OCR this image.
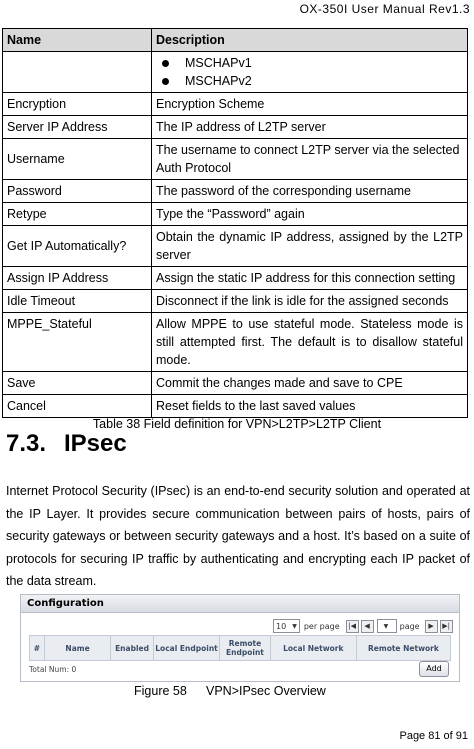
OX-350I User Manual Rev1.3
Name	Description

	MSCHAPv1
MSCHAPv2

Encryption	Encryption Scheme
Server IP Address	The IP address of L2TP server
Username	The username to connect L2TP server via the selected Auth Protocol
Password	The password of the corresponding username
Retype	Type the “Password” again
Get IP Automatically?	Obtain the dynamic IP address, assigned by the L2TP server
Assign IP Address	Assign the static IP address for this connection setting
Idle Timeout	Disconnect if the link is idle for the assigned seconds
MPPE_Stateful	Allow MPPE to use stateful mode. Stateless mode is still attempted first. The default is to disallow stateful mode.
Save	Commit the changes made and save to CPE
Cancel	Reset fields to the last saved values
Table 38 Field definition for VPN>L2TP>L2TP Client
7.3. IPsec
Internet Protocol Security (IPsec) is an end-to-end security solution and operated at the IP Layer. It provides secure communication between pairs of hosts, pairs of security gateways or between security gateways and a host. It’s based on a suite of protocols for securing IP traffic by authenticating and encrypting each IP packet of the data stream.
Configuration
10 ▼ per page	|◀	◀	▼ page	▶	▶|
#	Name	Enabled Local Endpoint	Remote Endpoint	Local Network	Remote Network
Total Num: 0	Add
Figure 58 VPN>IPsec Overview
Page 81 of 91
